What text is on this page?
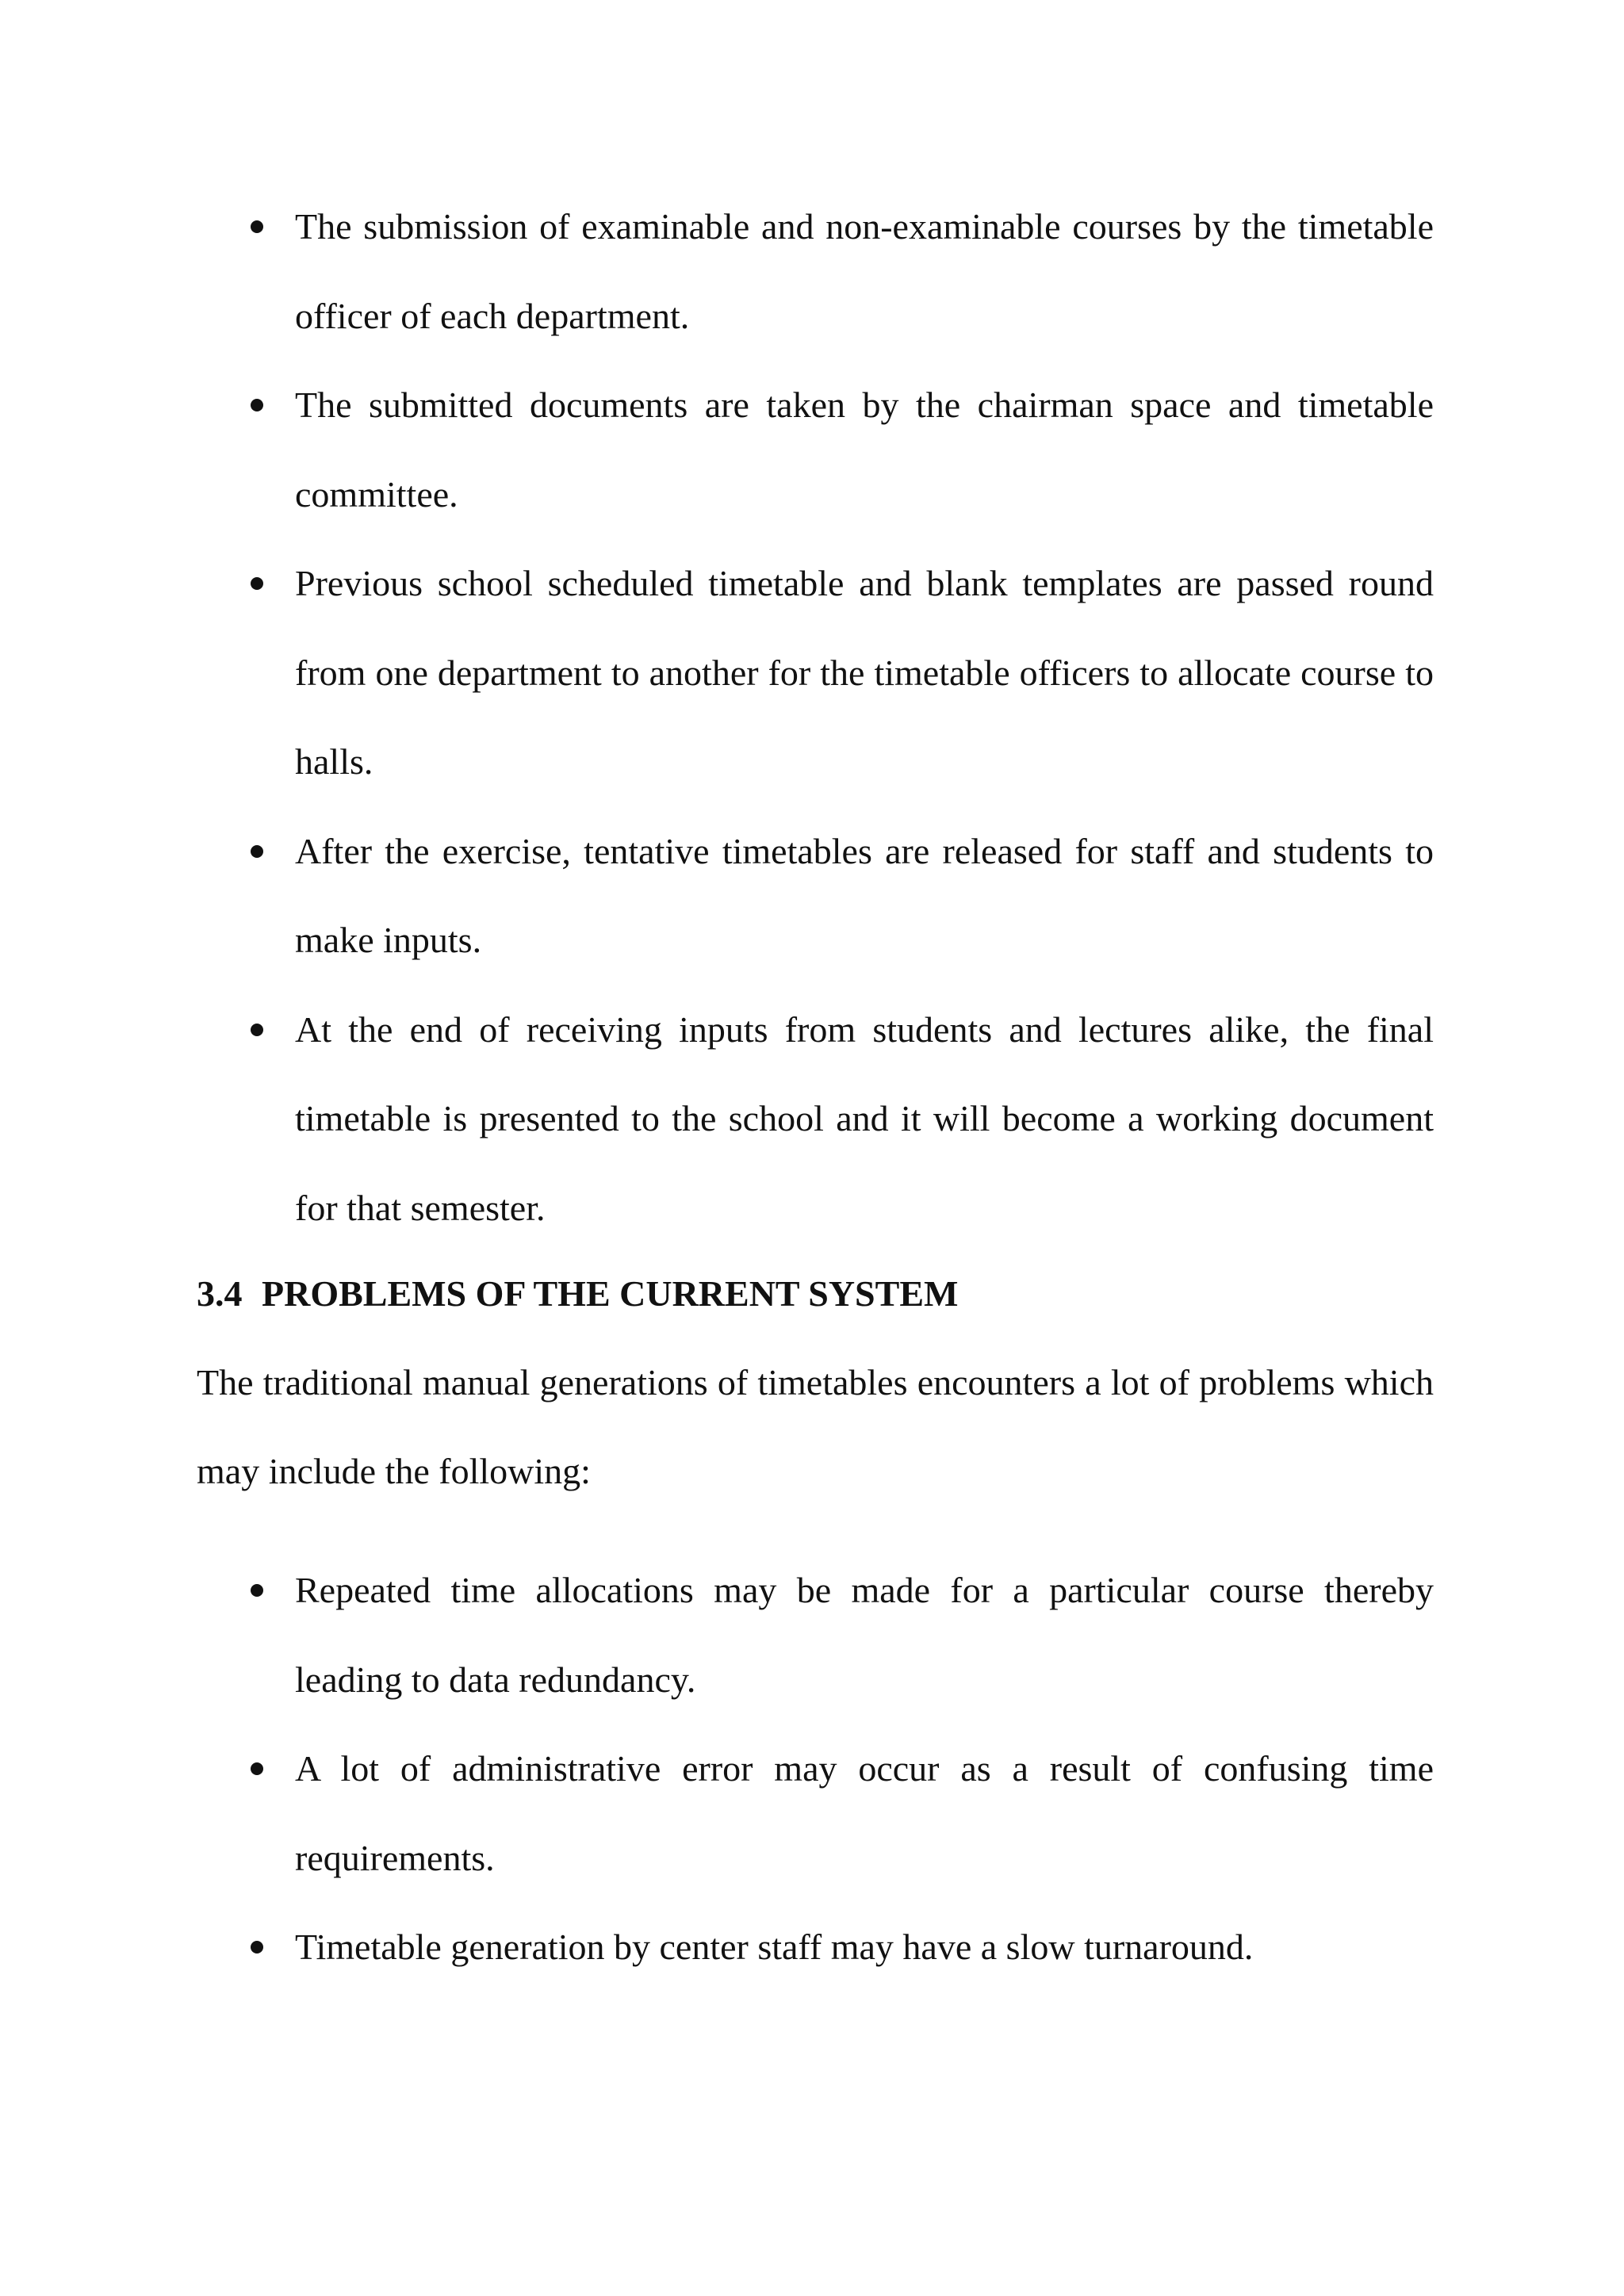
The submission of examinable and non-examinable courses by the timetable officer of each department.
The submitted documents are taken by the chairman space and timetable committee.
Previous school scheduled timetable and blank templates are passed round from one department to another for the timetable officers to allocate course to halls.
After the exercise, tentative timetables are released for staff and students to make inputs.
At the end of receiving inputs from students and lectures alike, the final timetable is presented to the school and it will become a working document for that semester.
3.4 PROBLEMS OF THE CURRENT SYSTEM

The traditional manual generations of timetables encounters a lot of problems which may include the following:

Repeated time allocations may be made for a particular course thereby leading to data redundancy.
A lot of administrative error may occur as a result of confusing time requirements.
Timetable generation by center staff may have a slow turnaround.
